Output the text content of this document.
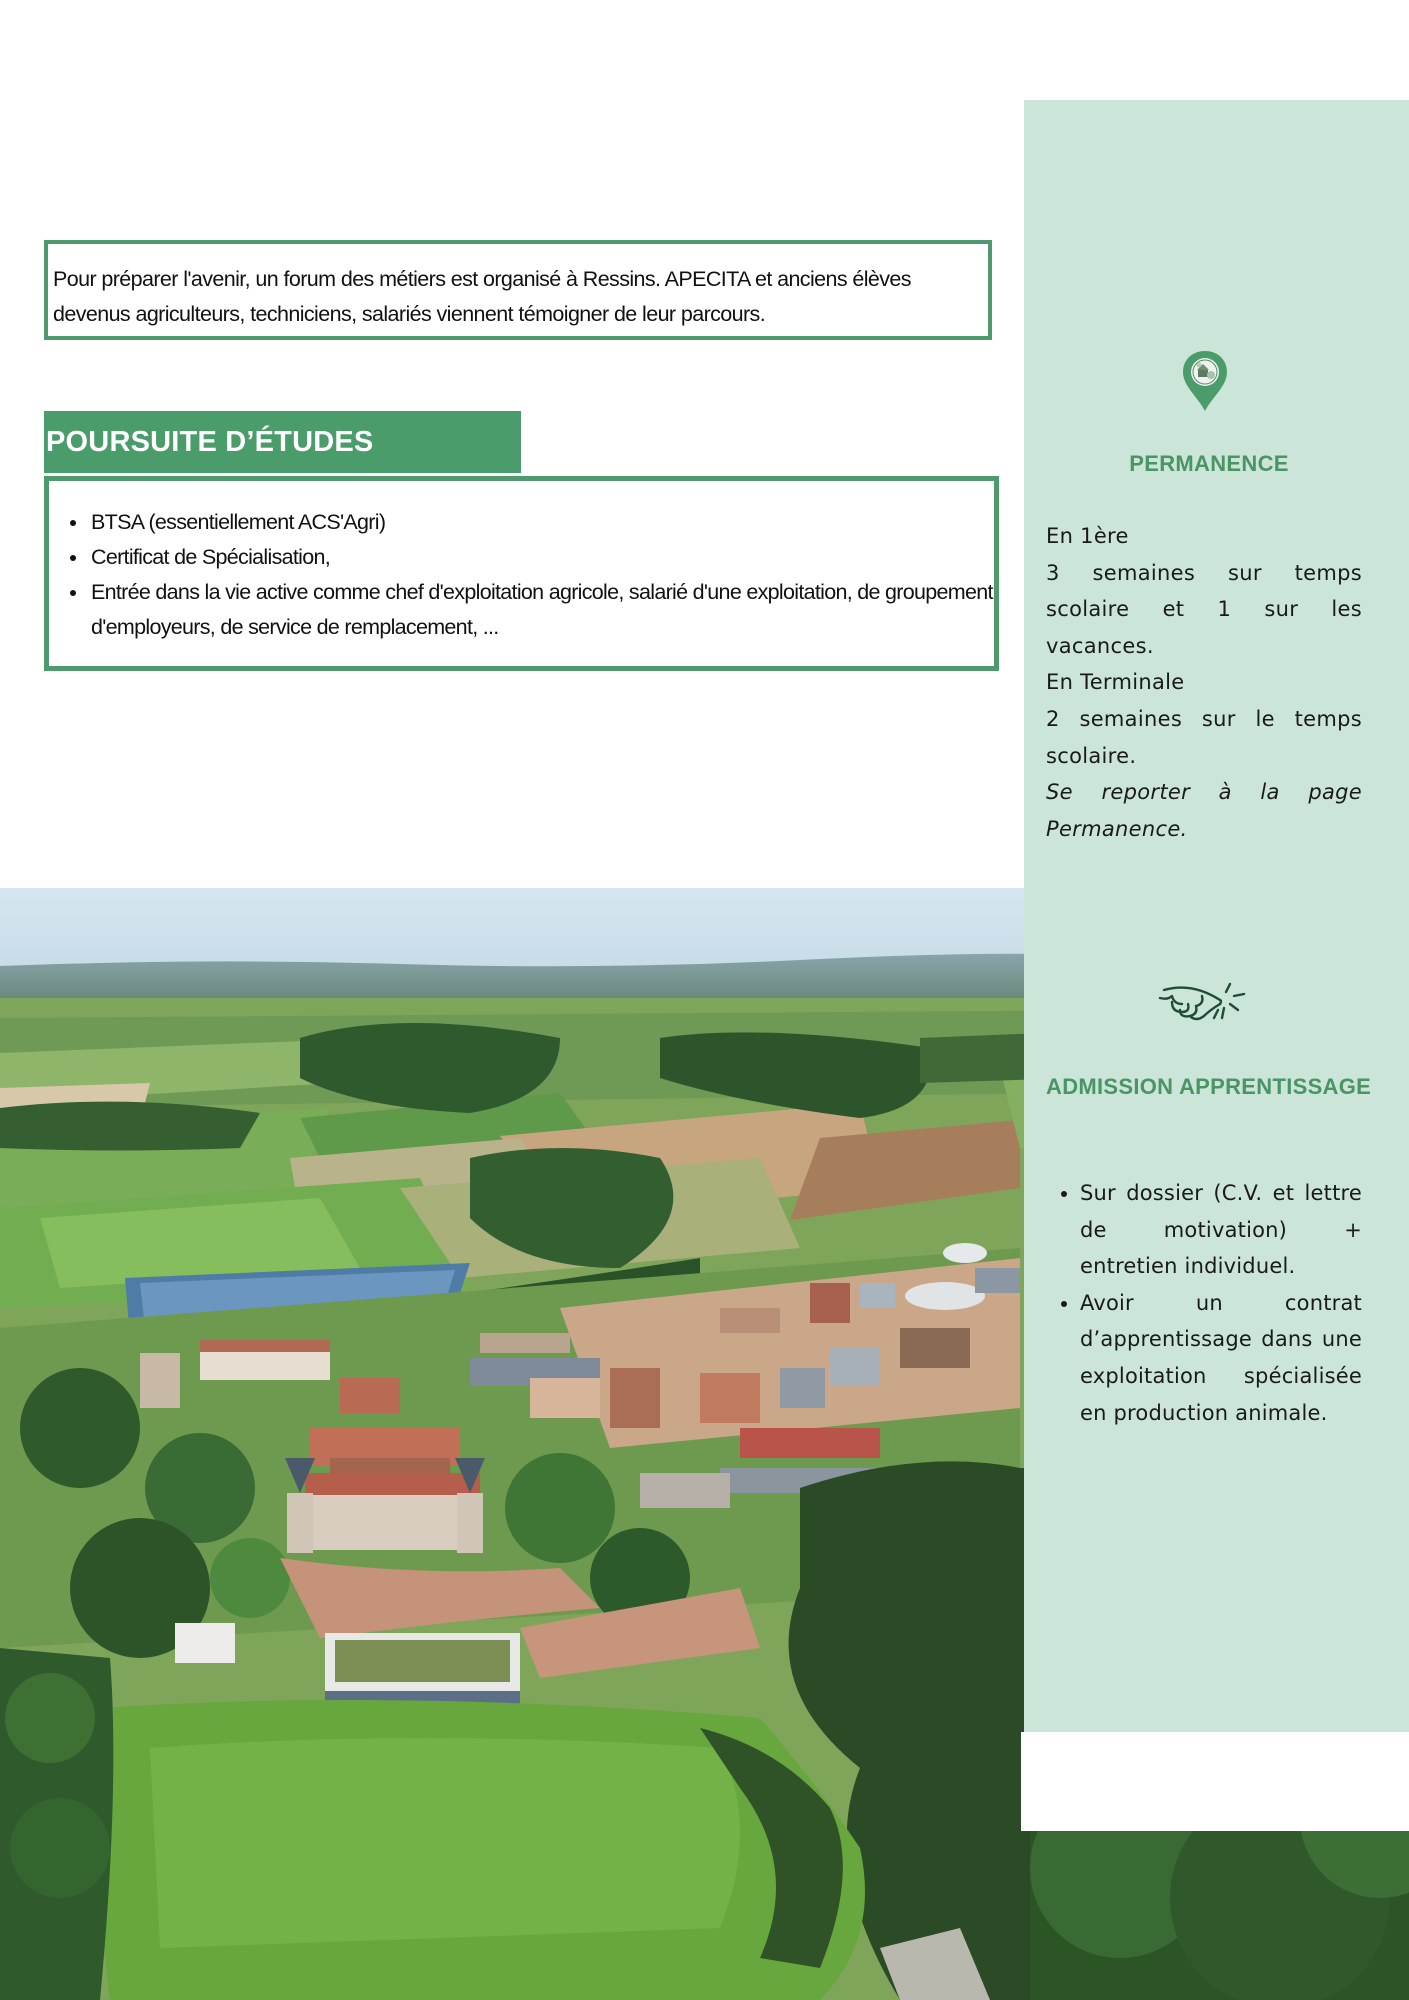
Pour préparer l'avenir, un forum des métiers est organisé à Ressins. APECITA et anciens élèves devenus agriculteurs, techniciens, salariés viennent témoigner de leur parcours.
POURSUITE D’ÉTUDES
• BTSA (essentiellement ACS'Agri)
• Certificat de Spécialisation,
• Entrée dans la vie active comme chef d'exploitation agricole, salarié d'une exploitation, de groupement d'employeurs, de service de remplacement, ...
PERMANENCE
En 1ère
3 semaines sur temps
scolaire et 1 sur les
vacances.
En Terminale
2 semaines sur le temps
scolaire.
Se reporter à la page
Permanence.
ADMISSION APPRENTISSAGE
• Sur dossier (C.V. et lettre de motivation) + entretien individuel.
• Avoir un contrat d’apprentissage dans une exploitation spécialisée en production animale.
